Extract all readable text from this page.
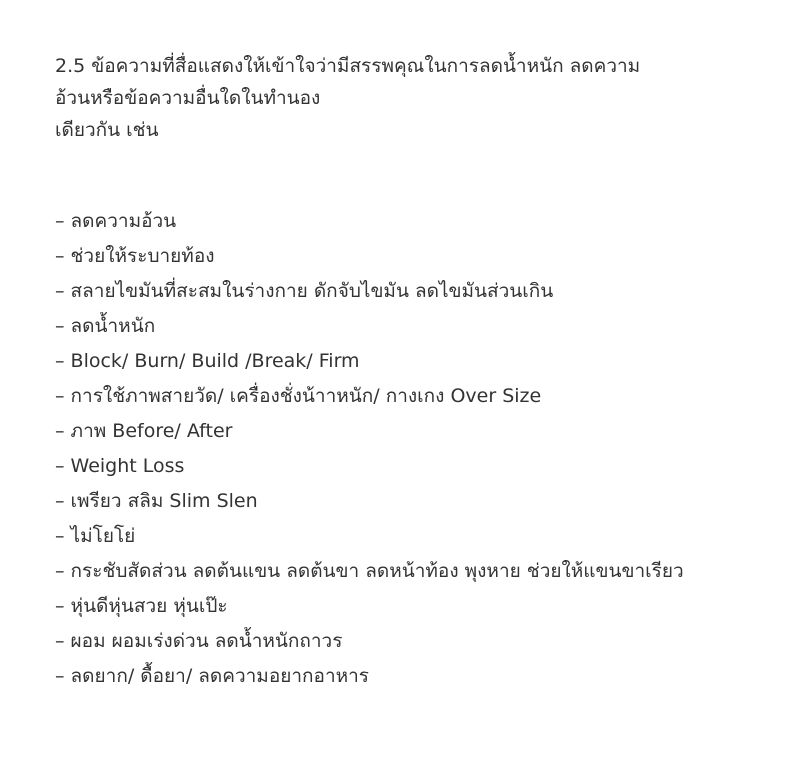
2.5 ข้อความที่สื่อแสดงให้เข้าใจว่ามีสรรพคุณในการลดน้ำหนัก ลดความ
อ้วนหรือข้อความอื่นใดในทำนอง
เดียวกัน เช่น
– ลดความอ้วน
– ช่วยให้ระบายท้อง
– สลายไขมันที่สะสมในร่างกาย ดักจับไขมัน ลดไขมันส่วนเกิน
– ลดน้ำหนัก
– Block/ Burn/ Build /Break/ Firm
– การใช้ภาพสายวัด/ เครื่องชั่งน้าาหนัก/ กางเกง Over Size
– ภาพ Before/ After
– Weight Loss
– เพรียว สลิม Slim Slen
– ไม่โยโย่
– กระชับสัดส่วน ลดต้นแขน ลดต้นขา ลดหน้าท้อง พุงหาย ช่วยให้แขนขาเรียว
– หุ่นดีหุ่นสวย หุ่นเป๊ะ
– ผอม ผอมเร่งด่วน ลดน้ำหนักถาวร
– ลดยาก/ ดื้อยา/ ลดความอยากอาหาร
